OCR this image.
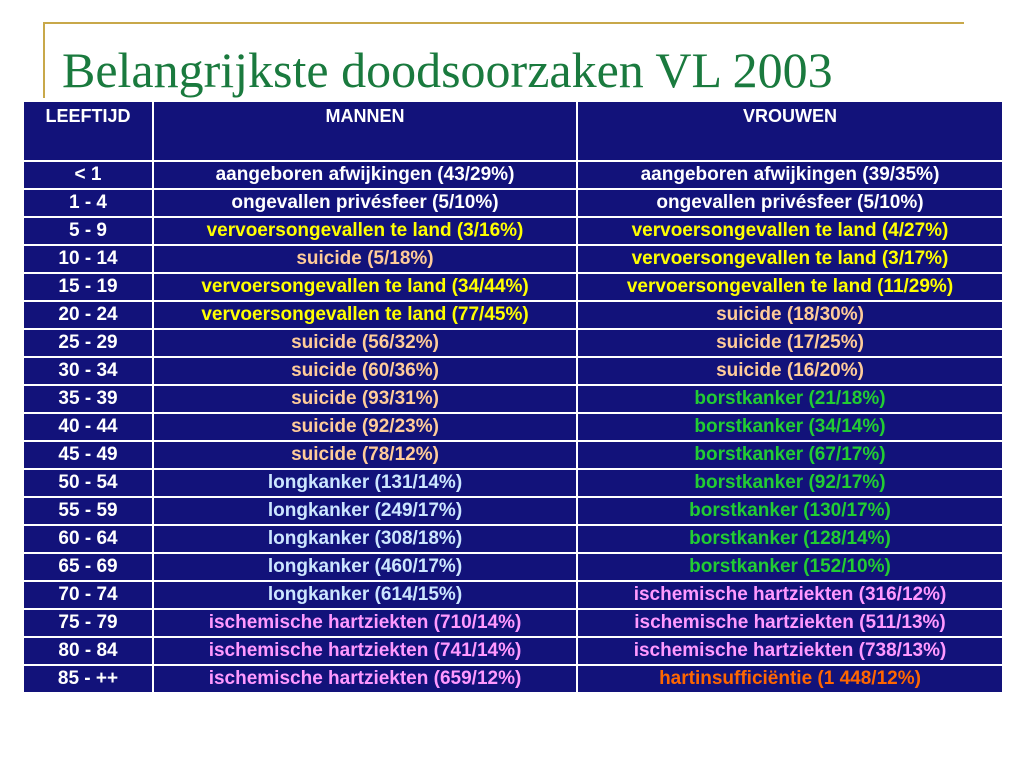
Belangrijkste doodsoorzaken VL 2003
LEEFTIJD	MANNEN	VROUWEN
< 1	aangeboren afwijkingen (43/29%)	aangeboren afwijkingen (39/35%)
1 - 4	ongevallen privésfeer (5/10%)	ongevallen privésfeer (5/10%)
5 - 9	vervoersongevallen te land (3/16%)	vervoersongevallen te land (4/27%)
10 - 14	suicide (5/18%)	vervoersongevallen te land (3/17%)
15 - 19	vervoersongevallen te land (34/44%)	vervoersongevallen te land (11/29%)
20 - 24	vervoersongevallen te land (77/45%)	suicide (18/30%)
25 - 29	suicide (56/32%)	suicide (17/25%)
30 - 34	suicide (60/36%)	suicide (16/20%)
35 - 39	suicide (93/31%)	borstkanker (21/18%)
40 - 44	suicide (92/23%)	borstkanker (34/14%)
45 - 49	suicide (78/12%)	borstkanker (67/17%)
50 - 54	longkanker (131/14%)	borstkanker (92/17%)
55 - 59	longkanker (249/17%)	borstkanker (130/17%)
60 - 64	longkanker (308/18%)	borstkanker (128/14%)
65 - 69	longkanker (460/17%)	borstkanker (152/10%)
70 - 74	longkanker (614/15%)	ischemische hartziekten (316/12%)
75 - 79	ischemische hartziekten (710/14%)	ischemische hartziekten (511/13%)
80 - 84	ischemische hartziekten (741/14%)	ischemische hartziekten (738/13%)
85 - ++	ischemische hartziekten (659/12%)	hartinsufficiëntie (1 448/12%)
